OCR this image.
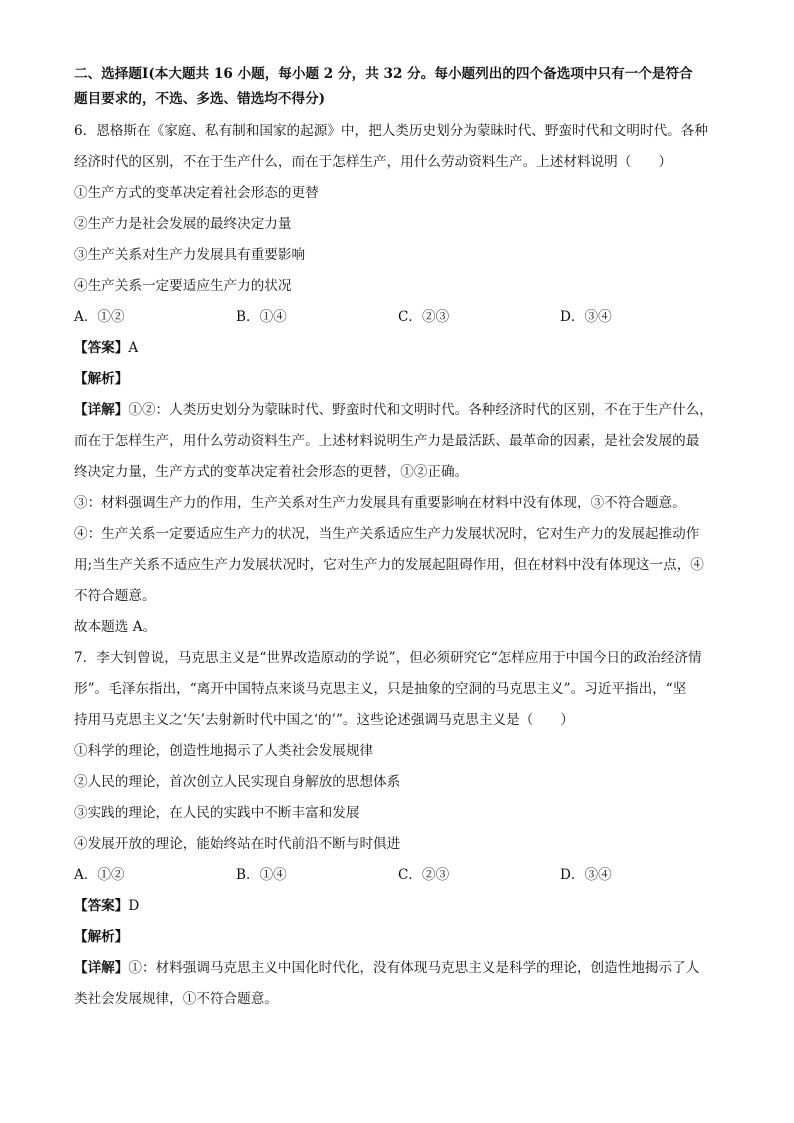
二、选择题Ⅰ(本大题共 16 小题，每小题 2 分，共 32 分。每小题列出的四个备选项中只有一个是符合

题目要求的，不选、多选、错选均不得分)

6．恩格斯在《家庭、私有制和国家的起源》中，把人类历史划分为蒙昧时代、野蛮时代和文明时代。各种

经济时代的区别，不在于生产什么，而在于怎样生产，用什么劳动资料生产。上述材料说明（　　）

①生产方式的变革决定着社会形态的更替

②生产力是社会发展的最终决定力量

③生产关系对生产力发展具有重要影响

④生产关系一定要适应生产力的状况

A．①②	B．①④	C．②③	D．③④

【答案】A

【解析】

【详解】①②：人类历史划分为蒙昧时代、野蛮时代和文明时代。各种经济时代的区别，不在于生产什么，

而在于怎样生产，用什么劳动资料生产。上述材料说明生产力是最活跃、最革命的因素，是社会发展的最

终决定力量，生产方式的变革决定着社会形态的更替，①②正确。

③：材料强调生产力的作用，生产关系对生产力发展具有重要影响在材料中没有体现，③不符合题意。

④：生产关系一定要适应生产力的状况，当生产关系适应生产力发展状况时，它对生产力的发展起推动作

用;当生产关系不适应生产力发展状况时，它对生产力的发展起阻碍作用，但在材料中没有体现这一点，④

不符合题意。

故本题选 A。

7．李大钊曾说，马克思主义是“世界改造原动的学说”，但必须研究它“怎样应用于中国今日的政治经济情

形”。毛泽东指出，“离开中国特点来谈马克思主义，只是抽象的空洞的马克思主义”。习近平指出，“坚

持用马克思主义之‘矢’去射新时代中国之‘的’”。这些论述强调马克思主义是（　　）

①科学的理论，创造性地揭示了人类社会发展规律

②人民的理论，首次创立人民实现自身解放的思想体系

③实践的理论，在人民的实践中不断丰富和发展

④发展开放的理论，能始终站在时代前沿不断与时俱进

A．①②	B．①④	C．②③	D．③④

【答案】D

【解析】

【详解】①：材料强调马克思主义中国化时代化，没有体现马克思主义是科学的理论，创造性地揭示了人

类社会发展规律，①不符合题意。
